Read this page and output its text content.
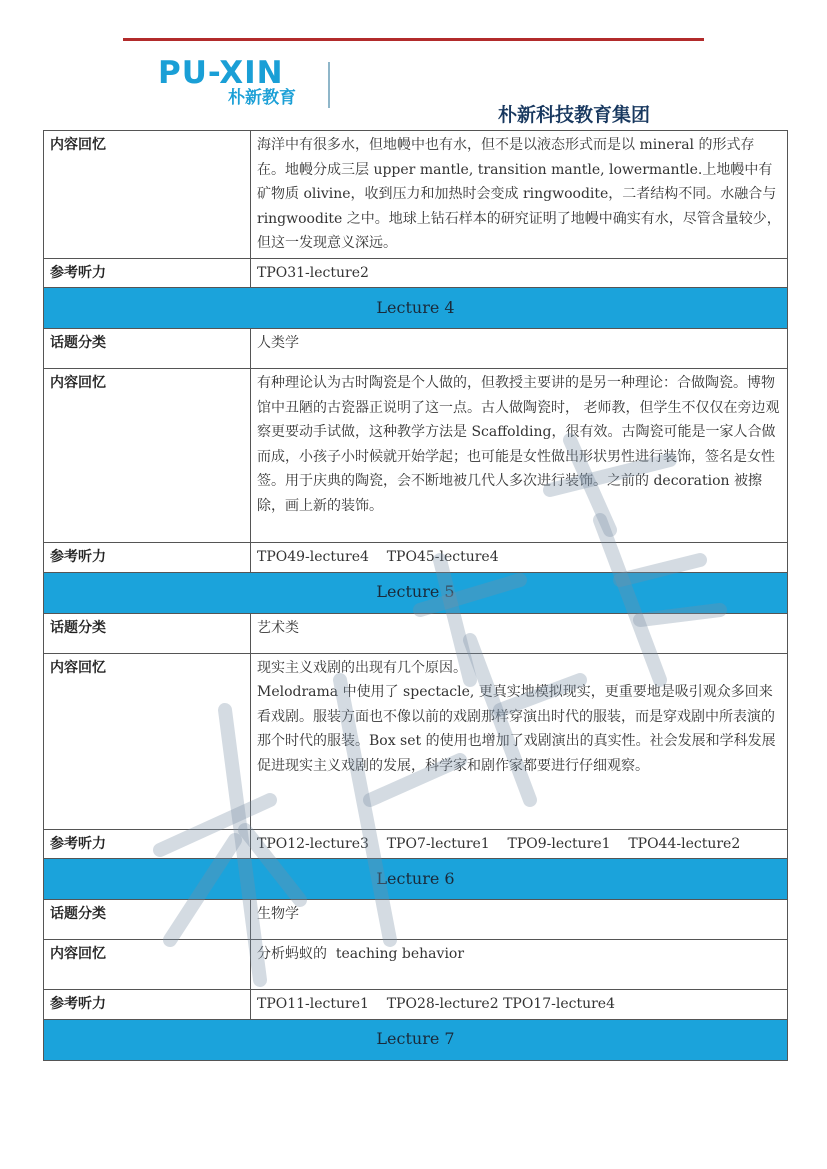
PU-XIN
朴新教育
朴新科技教育集团
内容回忆	海洋中有很多水，但地幔中也有水，但不是以液态形式而是以 mineral 的形式存在。地幔分成三层 upper mantle, transition mantle, lowermantle.上地幔中有矿物质 olivine，收到压力和加热时会变成 ringwoodite，二者结构不同。水融合与 ringwoodite 之中。地球上钻石样本的研究证明了地幔中确实有水，尽管含量较少，但这一发现意义深远。
参考听力	TPO31-lecture2
Lecture 4	
话题分类	人类学
内容回忆	有种理论认为古时陶瓷是个人做的，但教授主要讲的是另一种理论：合做陶瓷。博物馆中丑陋的古瓷器正说明了这一点。古人做陶瓷时， 老师教，但学生不仅仅在旁边观察更要动手试做，这种教学方法是 Scaffolding，很有效。古陶瓷可能是一家人合做而成，小孩子小时候就开始学起；也可能是女性做出形状男性进行装饰，签名是女性签。用于庆典的陶瓷，会不断地被几代人多次进行装饰。之前的 decoration 被擦除，画上新的装饰。
参考听力	TPO49-lecture4    TPO45-lecture4
Lecture 5	
话题分类	艺术类
内容回忆	现实主义戏剧的出现有几个原因。
Melodrama 中使用了 spectacle, 更真实地模拟现实，更重要地是吸引观众多回来看戏剧。服装方面也不像以前的戏剧那样穿演出时代的服装，而是穿戏剧中所表演的那个时代的服装。Box set 的使用也增加了戏剧演出的真实性。社会发展和学科发展促进现实主义戏剧的发展，科学家和剧作家都要进行仔细观察。

参考听力	TPO12-lecture3    TPO7-lecture1    TPO9-lecture1    TPO44-lecture2
Lecture 6	
话题分类	生物学
内容回忆	分析蚂蚁的  teaching behavior
参考听力	TPO11-lecture1    TPO28-lecture2 TPO17-lecture4
Lecture 7	
